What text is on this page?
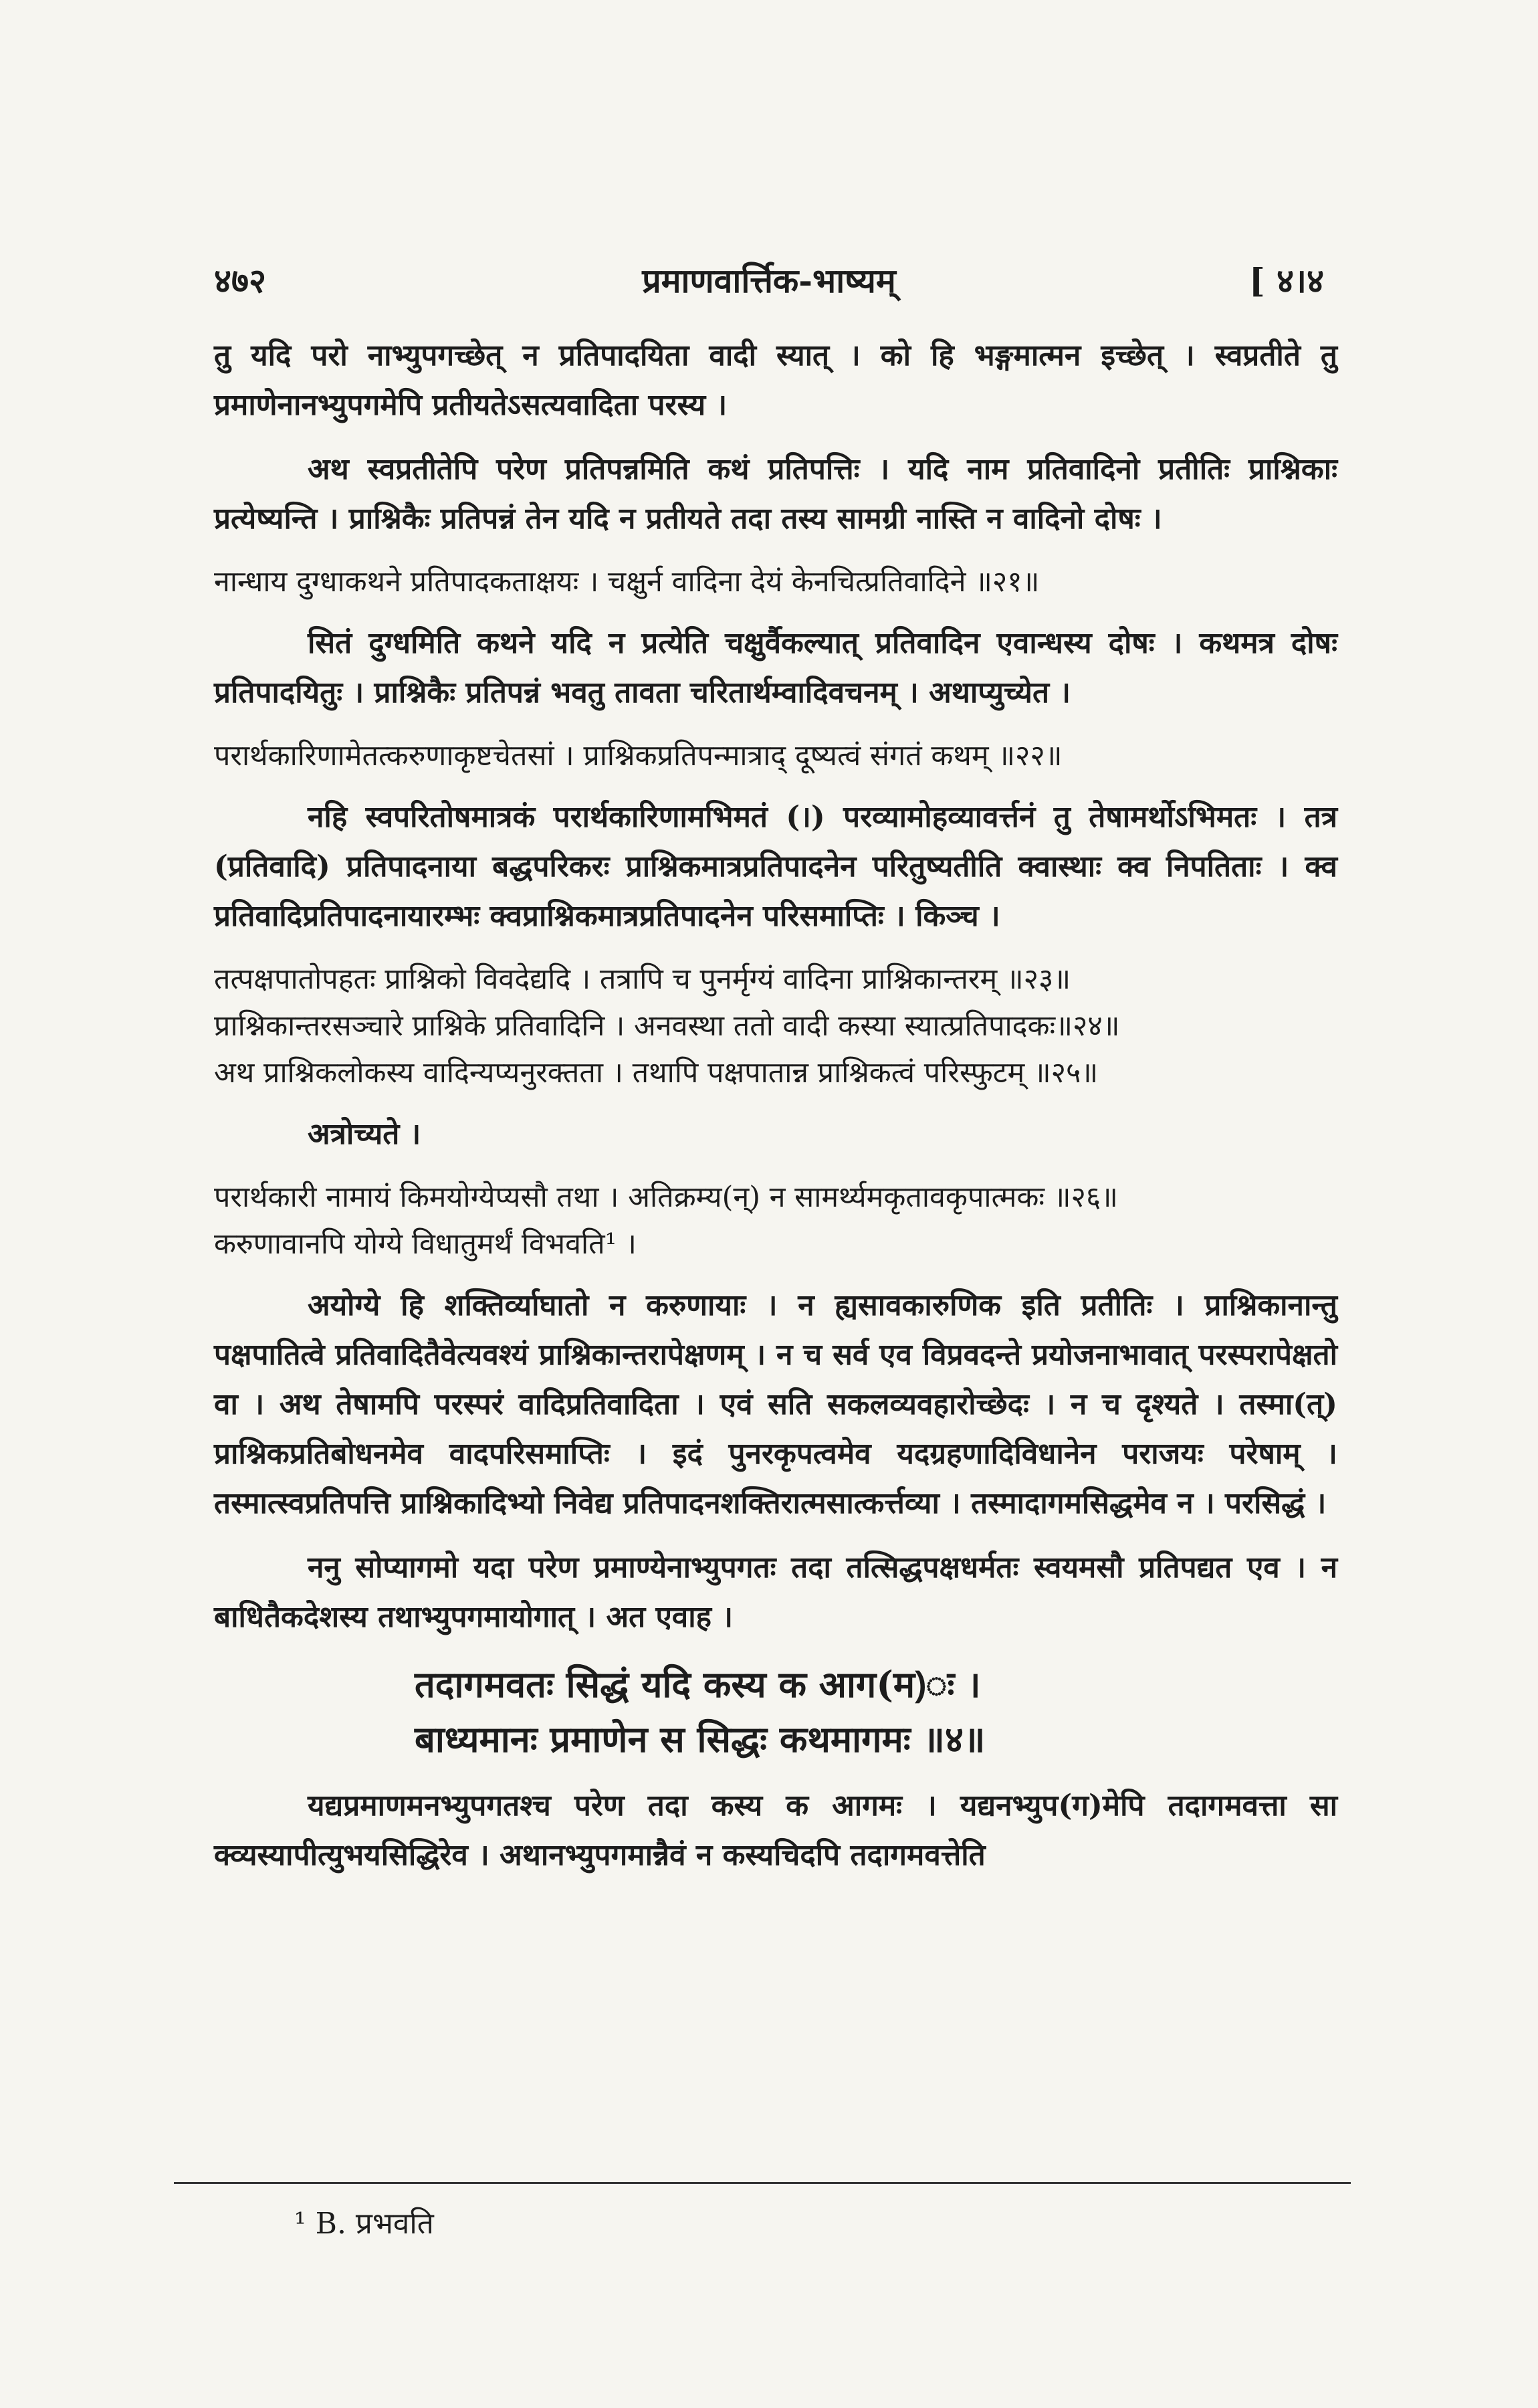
४७२	प्रमाणवार्त्तिक-भाष्यम्	[ ४।४

तु यदि परो नाभ्युपगच्छेत् न प्रतिपादयिता वादी स्यात् । को हि भङ्गमात्मन इच्छेत् । स्वप्रतीते तु प्रमाणेनानभ्युपगमेपि प्रतीयतेऽसत्यवादिता परस्य ।

अथ स्वप्रतीतेपि परेण प्रतिपन्नमिति कथं प्रतिपत्तिः । यदि नाम प्रतिवादिनो प्रतीतिः प्राश्निकाः प्रत्येष्यन्ति । प्राश्निकैः प्रतिपन्नं तेन यदि न प्रतीयते तदा तस्य सामग्री नास्ति न वादिनो दोषः ।

नान्धाय दुग्धाकथने प्रतिपादकताक्षयः । चक्षुर्न वादिना देयं केनचित्प्रतिवादिने ॥२१॥

सितं दुग्धमिति कथने यदि न प्रत्येति चक्षुर्वैकल्यात् प्रतिवादिन एवान्धस्य दोषः । कथमत्र दोषः प्रतिपादयितुः । प्राश्निकैः प्रतिपन्नं भवतु तावता चरितार्थम्वादिवचनम् । अथाप्युच्येत ।

परार्थकारिणामेतत्करुणाकृष्टचेतसां । प्राश्निकप्रतिपन्मात्राद् दूष्यत्वं संगतं कथम् ॥२२॥

नहि स्वपरितोषमात्रकं परार्थकारिणामभिमतं (।) परव्यामोहव्यावर्त्तनं तु तेषामर्थोऽभिमतः । तत्र (प्रतिवादि) प्रतिपादनाया बद्धपरिकरः प्राश्निकमात्रप्रतिपादनेन परितुष्यतीति क्वास्थाः क्व निपतिताः । क्व प्रतिवादिप्रतिपादनायारम्भः क्वप्राश्निकमात्रप्रतिपादनेन परिसमाप्तिः । किञ्च ।

तत्पक्षपातोपहतः प्राश्निको विवदेद्यदि । तत्रापि च पुनर्मृग्यं वादिना प्राश्निकान्तरम् ॥२३॥
प्राश्निकान्तरसञ्चारे प्राश्निके प्रतिवादिनि । अनवस्था ततो वादी कस्या स्यात्प्रतिपादकः॥२४॥
अथ प्राश्निकलोकस्य वादिन्यप्यनुरक्तता । तथापि पक्षपातान्न प्राश्निकत्वं परिस्फुटम् ॥२५॥

अत्रोच्यते ।

परार्थकारी नामायं किमयोग्येप्यसौ तथा । अतिक्रम्य(न्) न सामर्थ्यमकृतावकृपात्मकः ॥२६॥
करुणावानपि योग्ये विधातुमर्थं विभवति¹ ।

अयोग्ये हि शक्तिर्व्याघातो न करुणायाः । न ह्यसावकारुणिक इति प्रतीतिः । प्राश्निकानान्तु पक्षपातित्वे प्रतिवादितैवेत्यवश्यं प्राश्निकान्तरापेक्षणम् । न च सर्व एव विप्रवदन्ते प्रयोजनाभावात् परस्परापेक्षतो वा । अथ तेषामपि परस्परं वादिप्रतिवादिता । एवं सति सकलव्यवहारोच्छेदः । न च दृश्यते । तस्मा(त्) प्राश्निकप्रतिबोधनमेव वादपरिसमाप्तिः । इदं पुनरकृपत्वमेव यदग्रहणादिविधानेन पराजयः परेषाम् । तस्मात्स्वप्रतिपत्ति प्राश्निकादिभ्यो निवेद्य प्रतिपादनशक्तिरात्मसात्कर्त्तव्या । तस्मादागमसिद्धमेव न । परसिद्धं ।

ननु सोप्यागमो यदा परेण प्रमाण्येनाभ्युपगतः तदा तत्सिद्धपक्षधर्मतः स्वयमसौ प्रतिपद्यत एव । न बाधितैकदेशस्य तथाभ्युपगमायोगात् । अत एवाह ।

तदागमवतः सिद्धं यदि कस्य क आग(म)ः ।
बाध्यमानः प्रमाणेन स सिद्धः कथमागमः ॥४॥

यद्यप्रमाणमनभ्युपगतश्च परेण तदा कस्य क आगमः । यद्यनभ्युप(ग)मेपि तदागमवत्ता सा क्व्यस्यापीत्युभयसिद्धिरेव । अथानभ्युपगमान्नैवं न कस्यचिदपि तदागमवत्तेति

¹ B. प्रभवति
